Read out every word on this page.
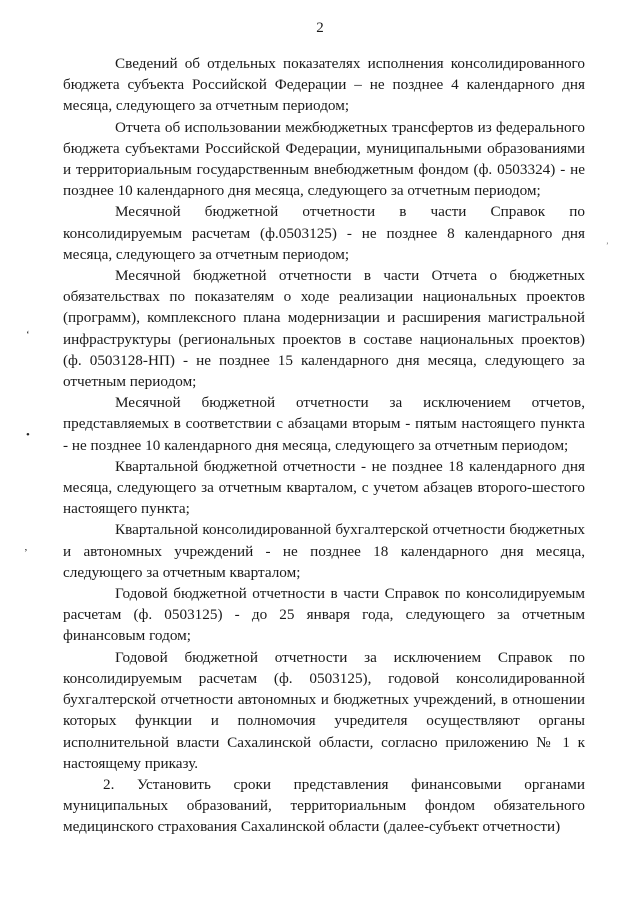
2
‘
•
’
’

Сведений об отдельных показателях исполнения консолидированного бюджета субъекта Российской Федерации – не позднее 4 календарного дня месяца, следующего за отчетным периодом;

Отчета об использовании межбюджетных трансфертов из федерального бюджета субъектами Российской Федерации, муниципальными образованиями и территориальным государственным внебюджетным фондом (ф. 0503324) - не позднее 10 календарного дня месяца, следующего за отчетным периодом;

Месячной бюджетной отчетности в части Справок по консолидируемым расчетам (ф.0503125) - не позднее 8 календарного дня месяца, следующего за отчетным периодом;

Месячной бюджетной отчетности в части Отчета о бюджетных обязательствах по показателям о ходе реализации национальных проектов (программ), комплексного плана модернизации и расширения магистральной инфраструктуры (региональных проектов в составе национальных проектов) (ф. 0503128-НП) - не позднее 15 календарного дня месяца, следующего за отчетным периодом;

Месячной бюджетной отчетности за исключением отчетов, представляемых в соответствии с абзацами вторым - пятым настоящего пункта - не позднее 10 календарного дня месяца, следующего за отчетным периодом;

Квартальной бюджетной отчетности - не позднее 18 календарного дня месяца, следующего за отчетным кварталом, с учетом абзацев второго-шестого настоящего пункта;

Квартальной консолидированной бухгалтерской отчетности бюджетных и автономных учреждений - не позднее 18 календарного дня месяца, следующего за отчетным кварталом;

Годовой бюджетной отчетности в части Справок по консолидируемым расчетам (ф. 0503125) - до 25 января года, следующего за отчетным финансовым годом;

Годовой бюджетной отчетности за исключением Справок по консолидируемым расчетам (ф. 0503125), годовой консолидированной бухгалтерской отчетности автономных и бюджетных учреждений, в отношении которых функции и полномочия учредителя осуществляют органы исполнительной власти Сахалинской области, согласно приложению № 1 к настоящему приказу.

2. Установить сроки представления финансовыми органами муниципальных образований, территориальным фондом обязательного медицинского страхования Сахалинской области (далее-субъект отчетности)
